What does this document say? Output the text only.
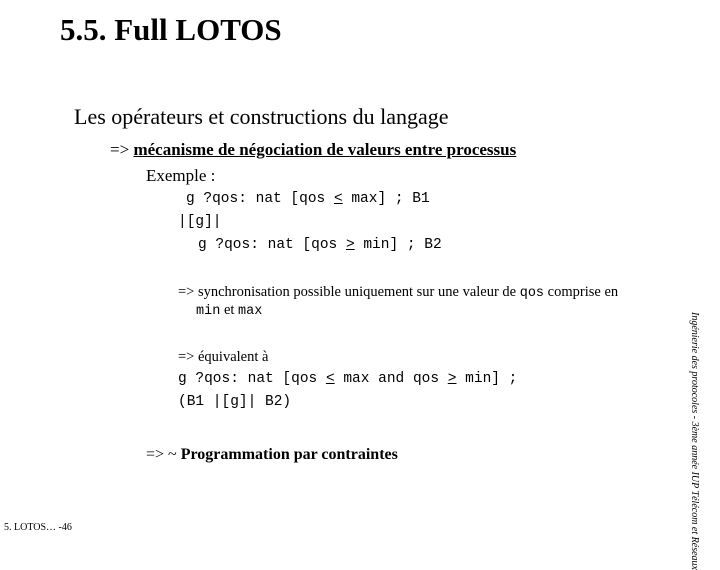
5.5. Full LOTOS
Les opérateurs et constructions du langage
=> mécanisme de négociation de valeurs entre processus
Exemple :
g ?qos: nat [qos < max] ; B1
|[g]|
g ?qos: nat [qos > min] ; B2
=> synchronisation possible uniquement sur une valeur de qos comprise en
min et max
=> équivalent à
g ?qos: nat [qos < max and qos > min] ;
(B1 |[g]| B2)
=> ~ Programmation par contraintes
5. LOTOS… -46	Ingénierie des protocoles - 3ème année IUP Télécom et Réseaux
